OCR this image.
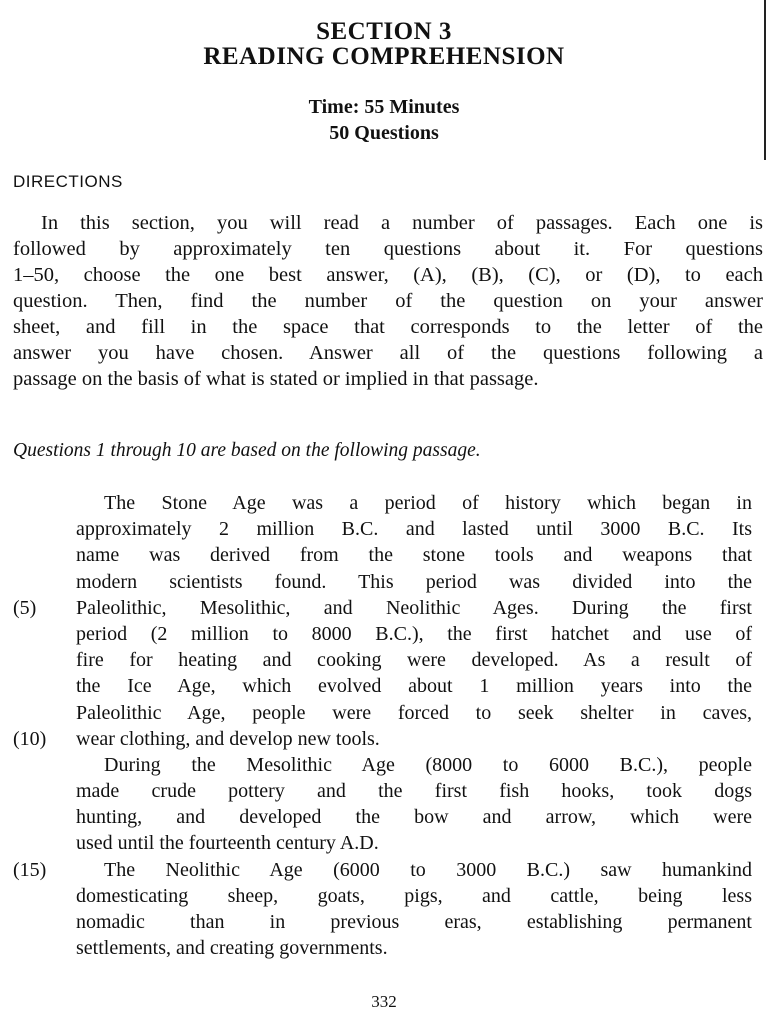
SECTION 3
READING COMPREHENSION
Time: 55 Minutes
50 Questions
DIRECTIONS
In this section, you will read a number of passages. Each one is
followed by approximately ten questions about it. For questions
1–50, choose the one best answer, (A), (B), (C), or (D), to each
question. Then, find the number of the question on your answer
sheet, and fill in the space that corresponds to the letter of the
answer you have chosen. Answer all of the questions following a
passage on the basis of what is stated or implied in that passage.
Questions 1 through 10 are based on the following passage.
The Stone Age was a period of history which began in
approximately 2 million B.C. and lasted until 3000 B.C. Its
name was derived from the stone tools and weapons that
modern scientists found. This period was divided into the
(5)	Paleolithic, Mesolithic, and Neolithic Ages. During the first
period (2 million to 8000 B.C.), the first hatchet and use of
fire for heating and cooking were developed. As a result of
the Ice Age, which evolved about 1 million years into the
Paleolithic Age, people were forced to seek shelter in caves,
(10)	wear clothing, and develop new tools.
During the Mesolithic Age (8000 to 6000 B.C.), people
made crude pottery and the first fish hooks, took dogs
hunting, and developed the bow and arrow, which were
used until the fourteenth century A.D.
(15)	The Neolithic Age (6000 to 3000 B.C.) saw humankind
domesticating sheep, goats, pigs, and cattle, being less
nomadic than in previous eras, establishing permanent
settlements, and creating governments.
332
